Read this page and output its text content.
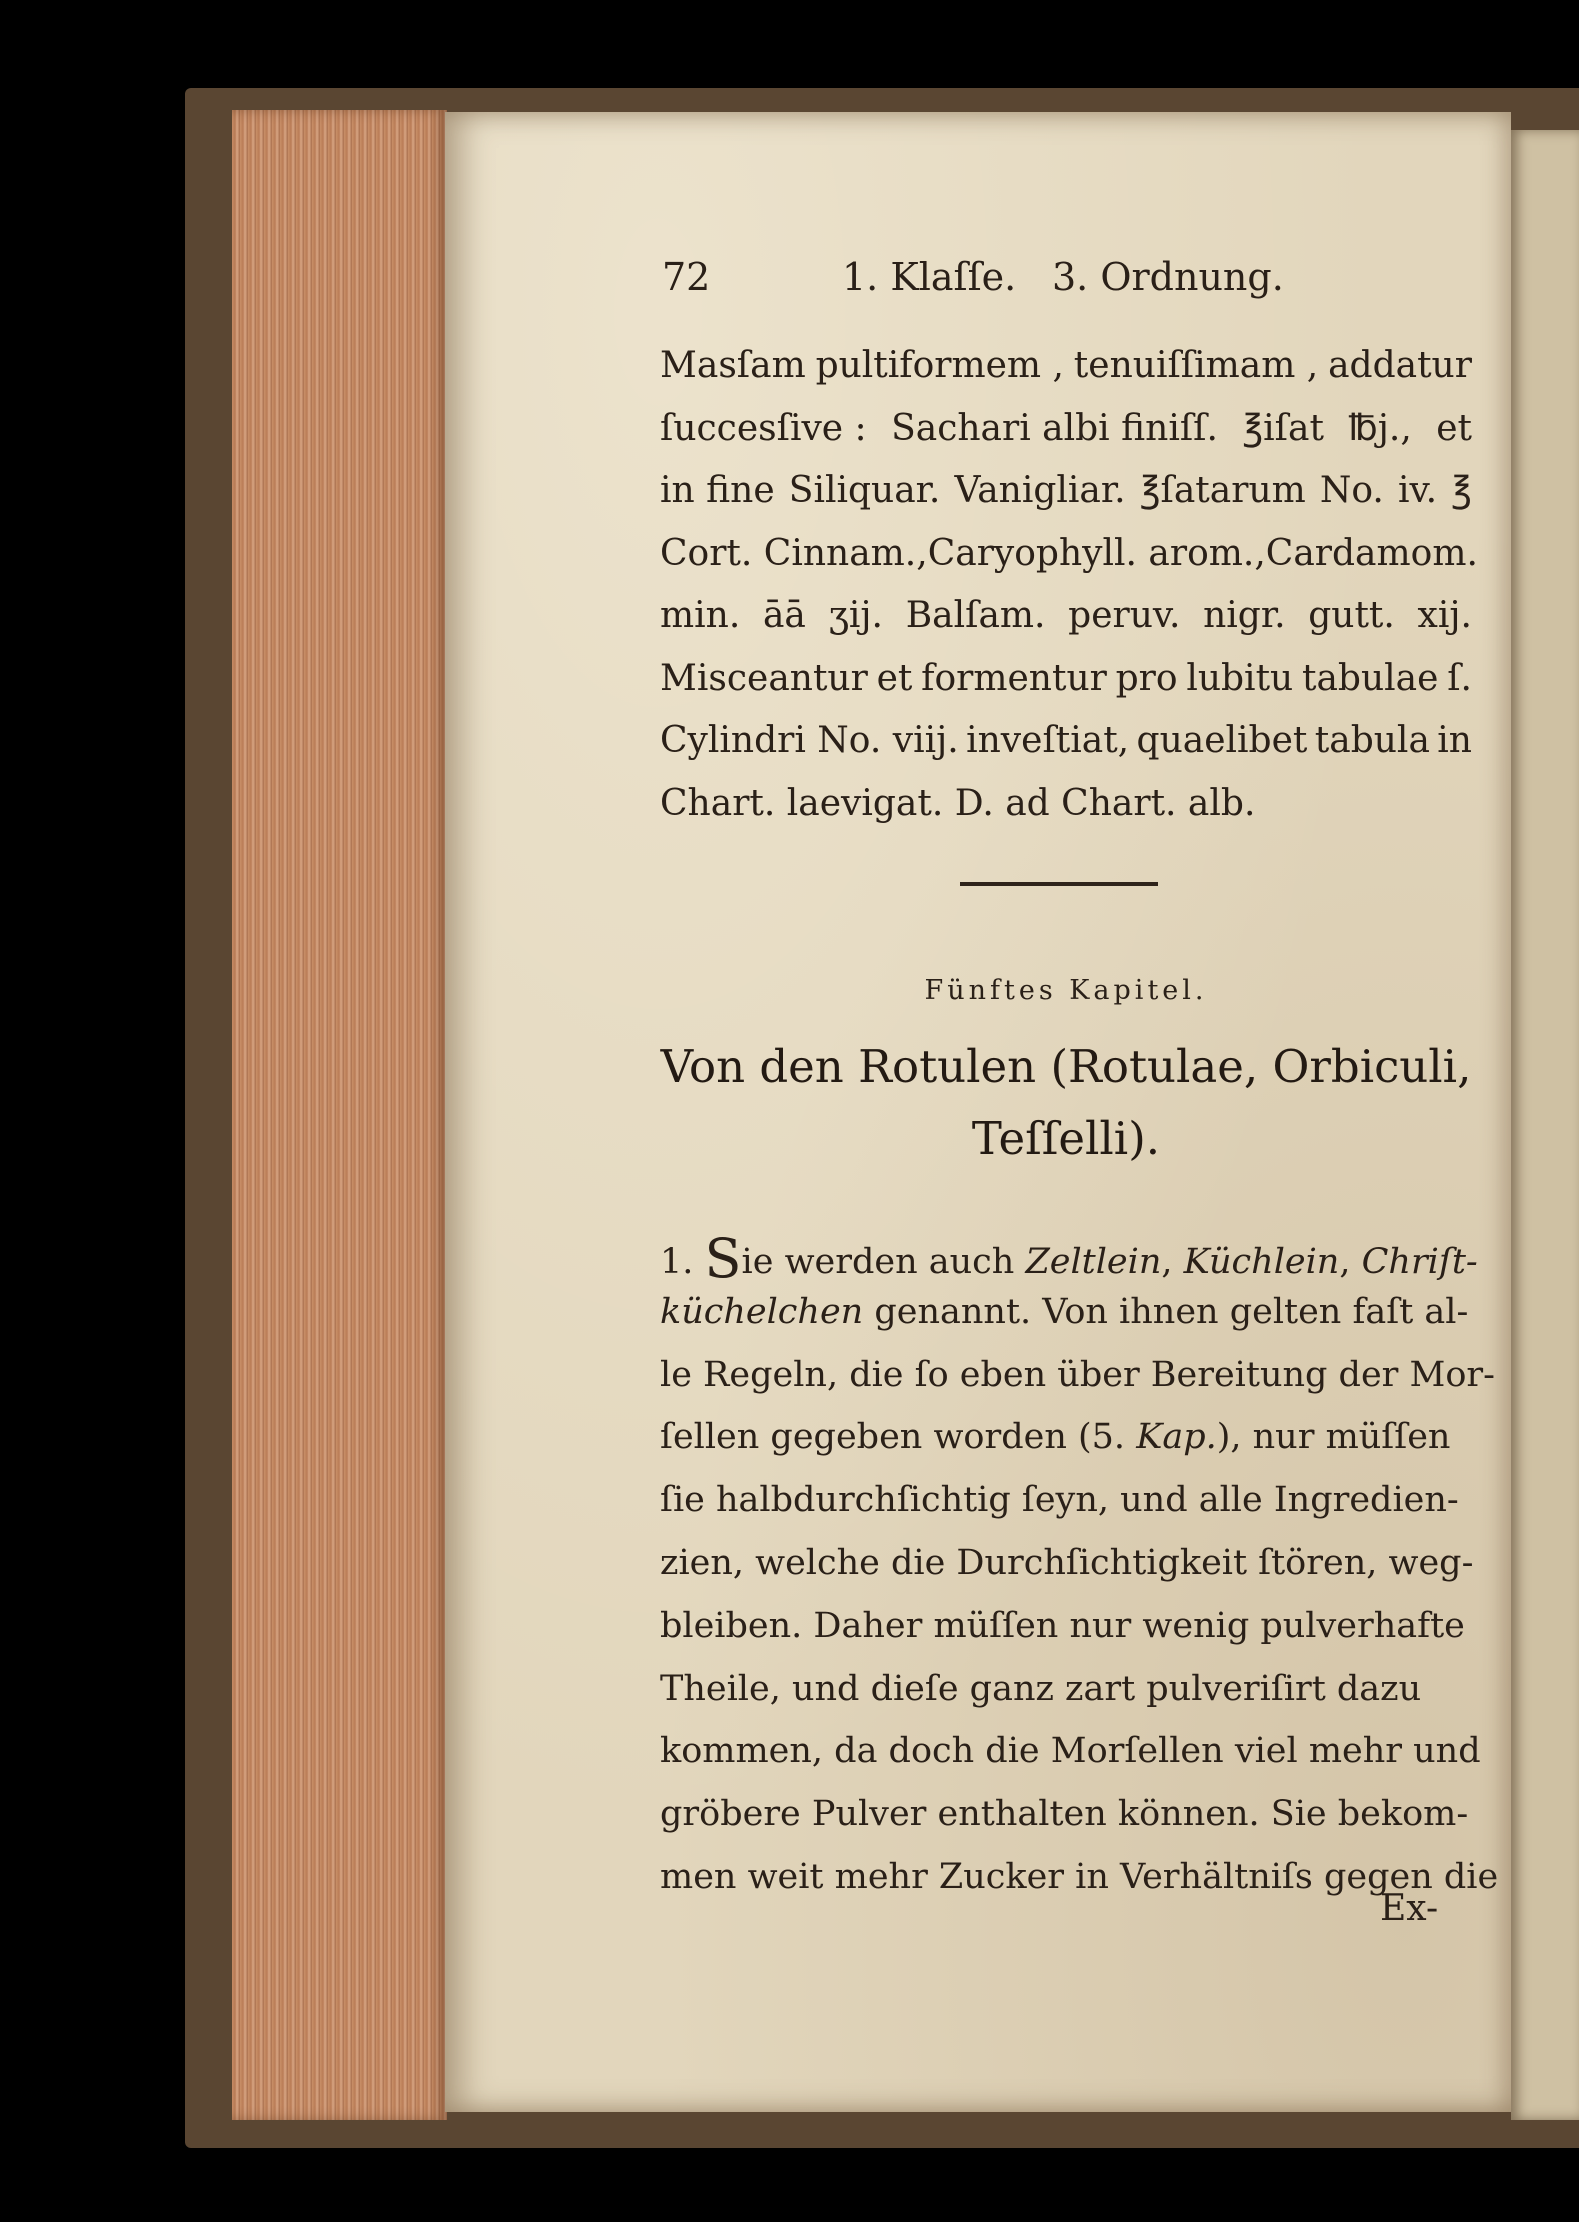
72	1. Klaſſe. 3. Ordnung.
Masſam pultiformem , tenuiſſimam , addatur
ſuccesſive : Sachari albi finiſſ. ℥iſat ℔j., et
in fine Siliquar. Vanigliar. ℥ſatarum No. iv. ℥
Cort. Cinnam., Caryophyll. arom., Cardamom.
min. āā ʒij. Balſam. peruv. nigr. gutt. xij.
Misceantur et formentur pro lubitu tabulae ſ.
Cylindri No. viij. inveſtiat, quaelibet tabula in
Chart. laevigat. D. ad Chart. alb.
Fünftes Kapitel.
Von den Rotulen (Rotulae, Orbiculi,
Teſſelli).
1. Sie werden auch Zeltlein, Küchlein, Chriſt-
küchelchen genannt. Von ihnen gelten faſt al-
le Regeln, die ſo eben über Bereitung der Mor-
ſellen gegeben worden (5. Kap.), nur müſſen
ſie halbdurchſichtig ſeyn, und alle Ingredien-
zien, welche die Durchſichtigkeit ſtören, weg-
bleiben. Daher müſſen nur wenig pulverhafte
Theile, und dieſe ganz zart pulveriſirt dazu
kommen, da doch die Morſellen viel mehr und
gröbere Pulver enthalten können. Sie bekom-
men weit mehr Zucker in Verhältniſs gegen die
Ex-
